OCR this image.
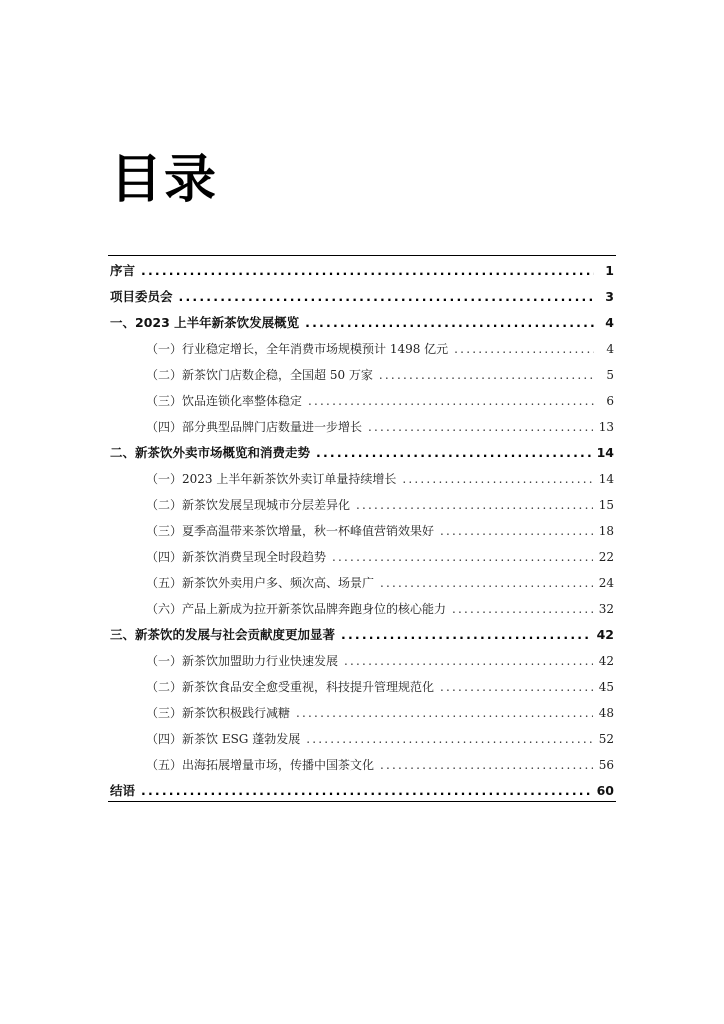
目录
序言 .....	1
项目委员会 .....	3
一、2023 上半年新茶饮发展概览 .....	4
（一）行业稳定增长，全年消费市场规模预计 1498 亿元 .....	4
（二）新茶饮门店数企稳，全国超 50 万家 .....	5
（三）饮品连锁化率整体稳定 .....	6
（四）部分典型品牌门店数量进一步增长 .....	13
二、新茶饮外卖市场概览和消费走势 .....	14
（一）2023 上半年新茶饮外卖订单量持续增长 .....	14
（二）新茶饮发展呈现城市分层差异化 .....	15
（三）夏季高温带来茶饮增量，秋一杯峰值营销效果好 .....	18
（四）新茶饮消费呈现全时段趋势 .....	22
（五）新茶饮外卖用户多、频次高、场景广 .....	24
（六）产品上新成为拉开新茶饮品牌奔跑身位的核心能力 .....	32
三、新茶饮的发展与社会贡献度更加显著 .....	42
（一）新茶饮加盟助力行业快速发展 .....	42
（二）新茶饮食品安全愈受重视，科技提升管理规范化 .....	45
（三）新茶饮积极践行减糖 .....	48
（四）新茶饮 ESG 蓬勃发展 .....	52
（五）出海拓展增量市场，传播中国茶文化 .....	56
结语 .....	60
